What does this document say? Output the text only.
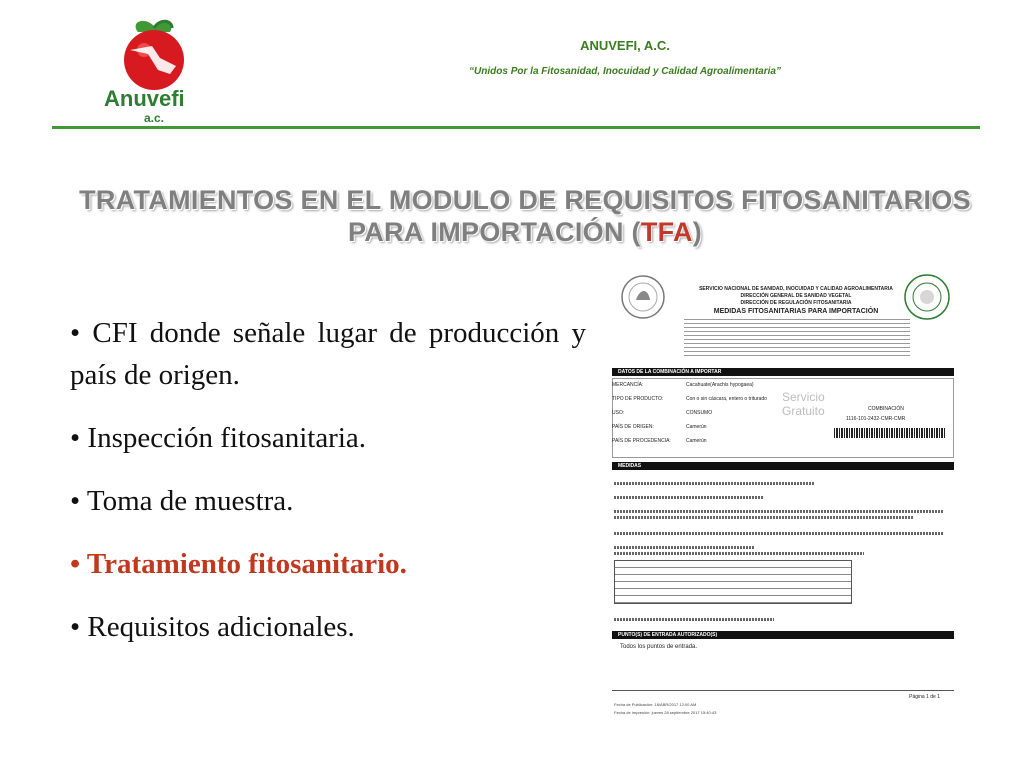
Anuvefi
a.c.
ANUVEFI, A.C.
“Unidos Por la Fitosanidad, Inocuidad y Calidad Agroalimentaria”
TRATAMIENTOS EN EL MODULO DE REQUISITOS FITOSANITARIOS
PARA IMPORTACIÓN (TFA)
• CFI donde señale lugar de producción y país de origen.
• Inspección fitosanitaria.
• Toma de muestra.
• Tratamiento fitosanitario.
• Requisitos adicionales.
SERVICIO NACIONAL DE SANIDAD, INOCUIDAD Y CALIDAD AGROALIMENTARIA
DIRECCIÓN GENERAL DE SANIDAD VEGETAL
DIRECCIÓN DE REGULACIÓN FITOSANITARIA
MEDIDAS FITOSANITARIAS PARA IMPORTACIÓN
DATOS DE LA COMBINACIÓN A IMPORTAR
MERCANCÍA:	Cacahuate(Arachis hypogaea)
TIPO DE PRODUCTO:	Con o sin cáscara, entero o triturado
USO:	CONSUMO
PAÍS DE ORIGEN:	Camerún
PAÍS DE PROCEDENCIA:	Camerún
Servicio
Gratuito	COMBINACIÓN
1116-101-2432-CMR-CMR
MEDIDAS
PUNTO(S) DE ENTRADA AUTORIZADO(S)
Todos los puntos de entrada.
Página 1 de 1
Fecha de Publicación: 18/ABR/2017 12:00 AM
Fecha de Impresión: jueves 28 septiembre 2017 15:40:43
